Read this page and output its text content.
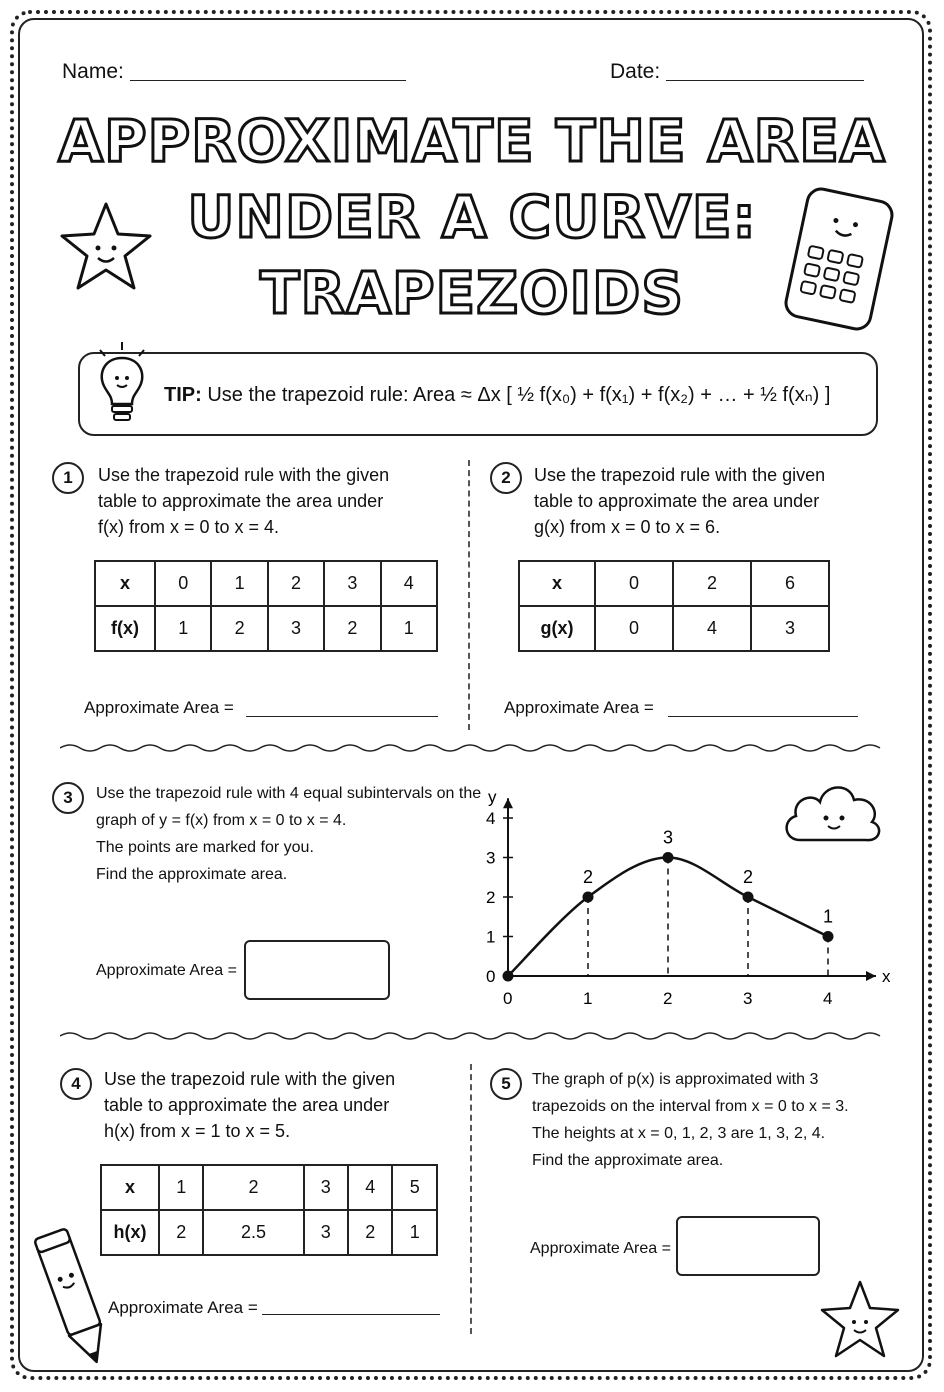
Name:	Date:
APPROXIMATE THE AREA
UNDER A CURVE:
TRAPEZOIDS
TIP: Use the trapezoid rule: Area ≈ Δx [ ½ f(x₀) + f(x₁) + f(x₂) + … + ½ f(xₙ) ]
1	Use the trapezoid rule with the given
table to approximate the area under
f(x) from x = 0 to x = 4.
x	0	1	2	3	4
f(x)	1	2	3	2	1
Approximate Area =
2	Use the trapezoid rule with the given
table to approximate the area under
g(x) from x = 0 to x = 6.
x	0	2	6
g(x)	0	4	3
Approximate Area =
3	Use the trapezoid rule with 4 equal subintervals on the
graph of y = f(x) from x = 0 to x = 4.
The points are marked for you.
Find the approximate area.
Approximate Area =	x
y
0
1
2
3
4
0	1	2	3	4
2
3
2
1
4	Use the trapezoid rule with the given
table to approximate the area under
h(x) from x = 1 to x = 5.
x	1	2	3	4	5
h(x)	2	2.5	3	2	1
Approximate Area =
5	The graph of p(x) is approximated with 3
trapezoids on the interval from x = 0 to x = 3.
The heights at x = 0, 1, 2, 3 are 1, 3, 2, 4.
Find the approximate area.
Approximate Area =
